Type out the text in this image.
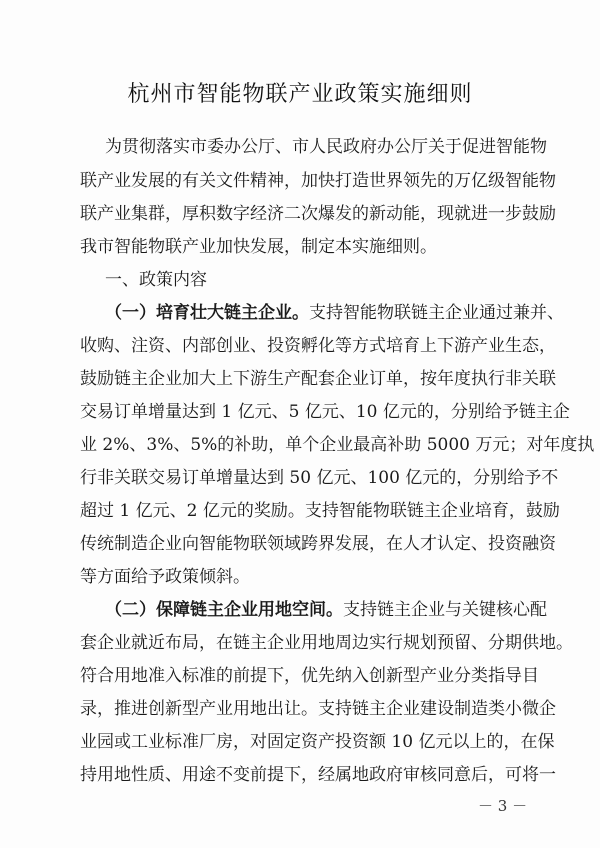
杭州市智能物联产业政策实施细则
为贯彻落实市委办公厅、市人民政府办公厅关于促进智能物
联产业发展的有关文件精神，加快打造世界领先的万亿级智能物
联产业集群，厚积数字经济二次爆发的新动能，现就进一步鼓励
我市智能物联产业加快发展，制定本实施细则。
一、政策内容
（一）培育壮大链主企业。支持智能物联链主企业通过兼并、
收购、注资、内部创业、投资孵化等方式培育上下游产业生态，
鼓励链主企业加大上下游生产配套企业订单，按年度执行非关联
交易订单增量达到 1 亿元、5 亿元、10 亿元的，分别给予链主企
业 2%、3%、5%的补助，单个企业最高补助 5000 万元；对年度执
行非关联交易订单增量达到 50 亿元、100 亿元的，分别给予不
超过 1 亿元、2 亿元的奖励。支持智能物联链主企业培育，鼓励
传统制造企业向智能物联领域跨界发展，在人才认定、投资融资
等方面给予政策倾斜。
（二）保障链主企业用地空间。支持链主企业与关键核心配
套企业就近布局，在链主企业用地周边实行规划预留、分期供地。
符合用地准入标准的前提下，优先纳入创新型产业分类指导目
录，推进创新型产业用地出让。支持链主企业建设制造类小微企
业园或工业标准厂房，对固定资产投资额 10 亿元以上的，在保
持用地性质、用途不变前提下，经属地政府审核同意后，可将一
－ 3 －
